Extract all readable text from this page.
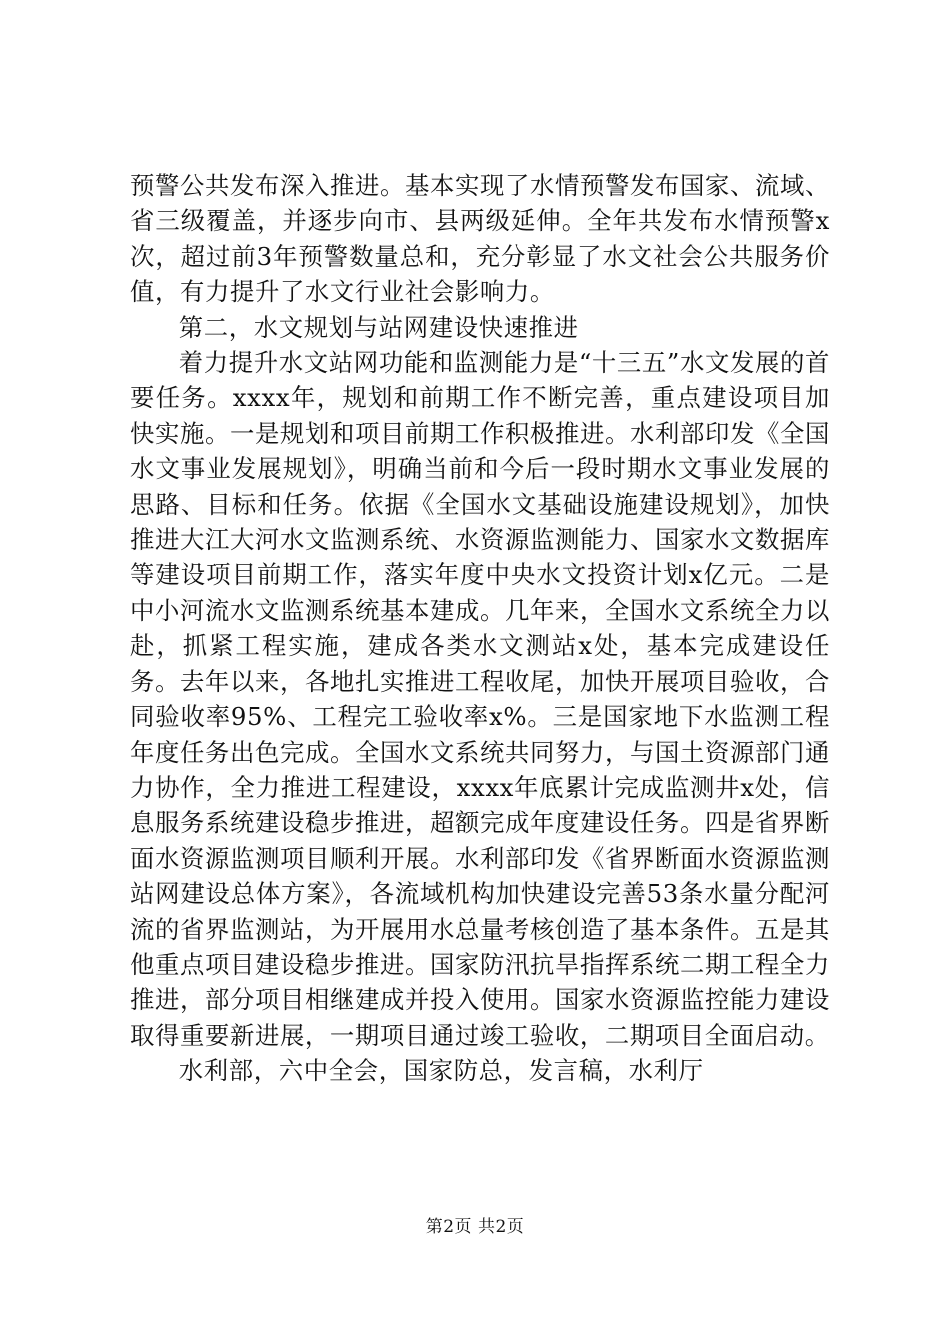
预警公共发布深入推进。基本实现了水情预警发布国家、流域、省三级覆盖，并逐步向市、县两级延伸。全年共发布水情预警x次，超过前3年预警数量总和，充分彰显了水文社会公共服务价值，有力提升了水文行业社会影响力。

第二，水文规划与站网建设快速推进

着力提升水文站网功能和监测能力是“十三五”水文发展的首要任务。xxxx年，规划和前期工作不断完善，重点建设项目加快实施。一是规划和项目前期工作积极推进。水利部印发《全国水文事业发展规划》，明确当前和今后一段时期水文事业发展的思路、目标和任务。依据《全国水文基础设施建设规划》，加快推进大江大河水文监测系统、水资源监测能力、国家水文数据库等建设项目前期工作，落实年度中央水文投资计划x亿元。二是中小河流水文监测系统基本建成。几年来，全国水文系统全力以赴，抓紧工程实施，建成各类水文测站x处，基本完成建设任务。去年以来，各地扎实推进工程收尾，加快开展项目验收，合同验收率95%、工程完工验收率x%。三是国家地下水监测工程年度任务出色完成。全国水文系统共同努力，与国土资源部门通力协作，全力推进工程建设，xxxx年底累计完成监测井x处，信息服务系统建设稳步推进，超额完成年度建设任务。四是省界断面水资源监测项目顺利开展。水利部印发《省界断面水资源监测站网建设总体方案》，各流域机构加快建设完善53条水量分配河流的省界监测站，为开展用水总量考核创造了基本条件。五是其他重点项目建设稳步推进。国家防汛抗旱指挥系统二期工程全力推进，部分项目相继建成并投入使用。国家水资源监控能力建设取得重要新进展，一期项目通过竣工验收，二期项目全面启动。

水利部，六中全会，国家防总，发言稿，水利厅

第2页 共2页
